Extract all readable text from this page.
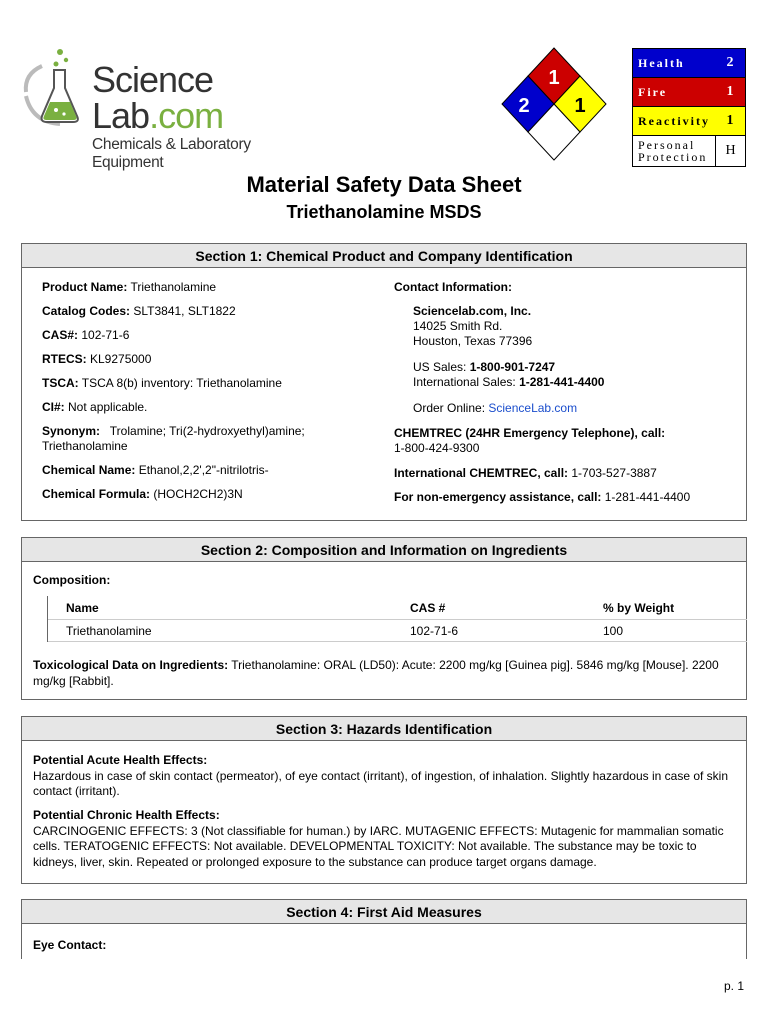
Science Lab.com
Chemicals & Laboratory Equipment
1
2 1
Health	2
Fire	1
Reactivity	1
Personal Protection	H
Material Safety Data Sheet
Triethanolamine MSDS
Section 1: Chemical Product and Company Identification
Product Name: Triethanolamine
Catalog Codes: SLT3841, SLT1822
CAS#: 102-71-6
RTECS: KL9275000
TSCA: TSCA 8(b) inventory: Triethanolamine
CI#: Not applicable.
Synonym:   Trolamine; Tri(2-hydroxyethyl)amine; Triethanolamine
Chemical Name: Ethanol,2,2',2"-nitrilotris-
Chemical Formula: (HOCH2CH2)3N
Contact Information:
Sciencelab.com, Inc.
14025 Smith Rd.
Houston, Texas 77396
US Sales: 1-800-901-7247
International Sales: 1-281-441-4400
Order Online: ScienceLab.com
CHEMTREC (24HR Emergency Telephone), call:
1-800-424-9300
International CHEMTREC, call: 1-703-527-3887
For non-emergency assistance, call: 1-281-441-4400
Section 2: Composition and Information on Ingredients
Composition:
Name	CAS #	% by Weight
Triethanolamine	102-71-6	100
Toxicological Data on Ingredients: Triethanolamine: ORAL (LD50): Acute: 2200 mg/kg [Guinea pig]. 5846 mg/kg [Mouse]. 2200 mg/kg [Rabbit].
Section 3: Hazards Identification
Potential Acute Health Effects:
Hazardous in case of skin contact (permeator), of eye contact (irritant), of ingestion, of inhalation. Slightly hazardous in case of skin contact (irritant).
Potential Chronic Health Effects:
CARCINOGENIC EFFECTS: 3 (Not classifiable for human.) by IARC. MUTAGENIC EFFECTS: Mutagenic for mammalian somatic cells. TERATOGENIC EFFECTS: Not available. DEVELOPMENTAL TOXICITY: Not available. The substance may be toxic to kidneys, liver, skin. Repeated or prolonged exposure to the substance can produce target organs damage.
Section 4: First Aid Measures
Eye Contact:
p. 1
